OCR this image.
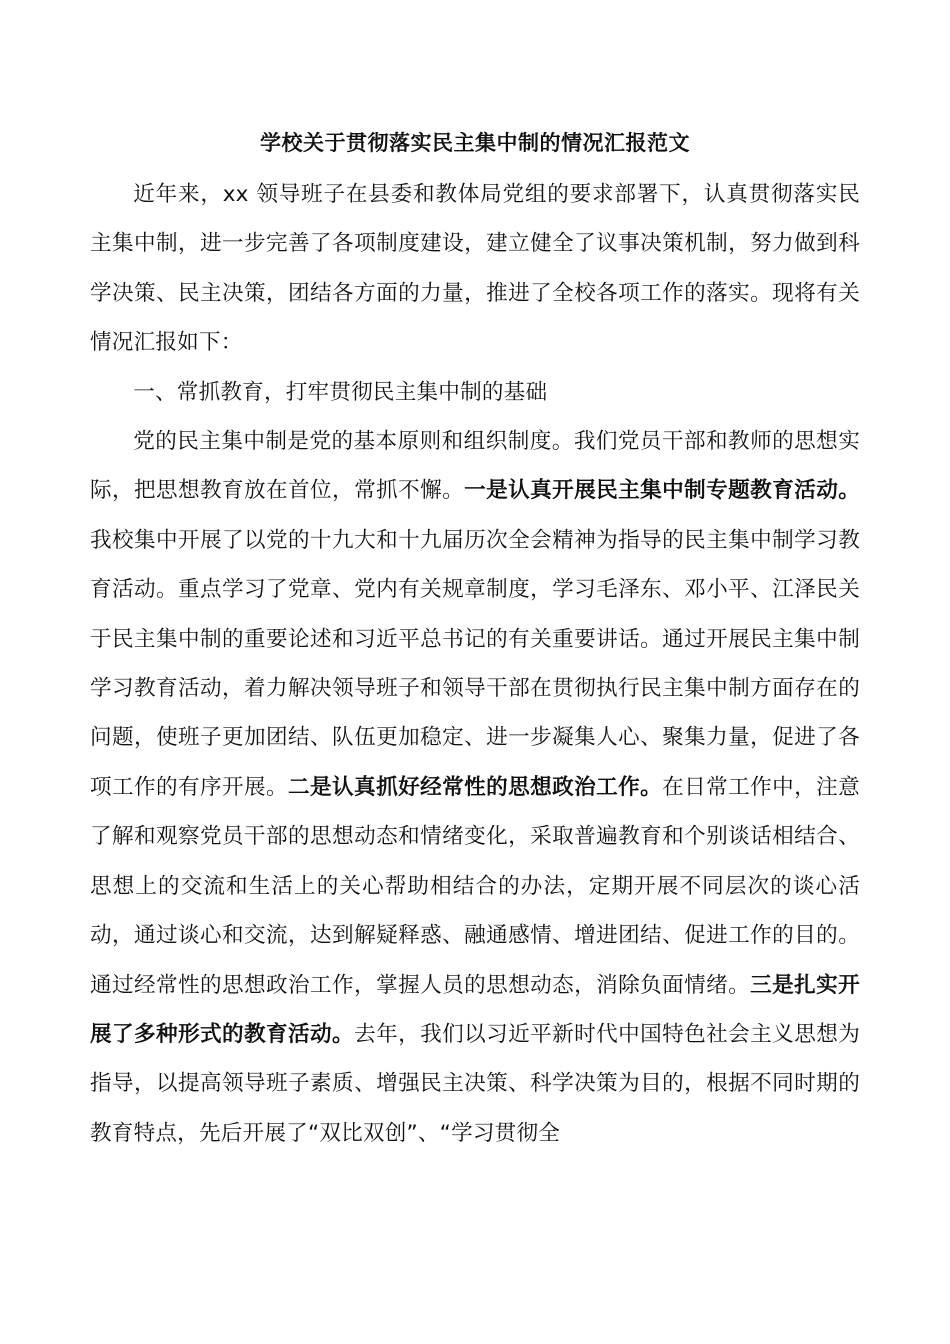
学校关于贯彻落实民主集中制的情况汇报范文

近年来，xx 领导班子在县委和教体局党组的要求部署下，认真贯彻落实民主集中制，进一步完善了各项制度建设，建立健全了议事决策机制，努力做到科学决策、民主决策，团结各方面的力量，推进了全校各项工作的落实。现将有关情况汇报如下：

一、常抓教育，打牢贯彻民主集中制的基础

党的民主集中制是党的基本原则和组织制度。我们党员干部和教师的思想实际，把思想教育放在首位，常抓不懈。一是认真开展民主集中制专题教育活动。我校集中开展了以党的十九大和十九届历次全会精神为指导的民主集中制学习教育活动。重点学习了党章、党内有关规章制度，学习毛泽东、邓小平、江泽民关于民主集中制的重要论述和习近平总书记的有关重要讲话。通过开展民主集中制学习教育活动，着力解决领导班子和领导干部在贯彻执行民主集中制方面存在的问题，使班子更加团结、队伍更加稳定、进一步凝集人心、聚集力量，促进了各项工作的有序开展。二是认真抓好经常性的思想政治工作。在日常工作中，注意了解和观察党员干部的思想动态和情绪变化，采取普遍教育和个别谈话相结合、思想上的交流和生活上的关心帮助相结合的办法，定期开展不同层次的谈心活动，通过谈心和交流，达到解疑释惑、融通感情、增进团结、促进工作的目的。通过经常性的思想政治工作，掌握人员的思想动态，消除负面情绪。三是扎实开展了多种形式的教育活动。去年，我们以习近平新时代中国特色社会主义思想为指导，以提高领导班子素质、增强民主决策、科学决策为目的，根据不同时期的教育特点，先后开展了“双比双创”、“学习贯彻全
